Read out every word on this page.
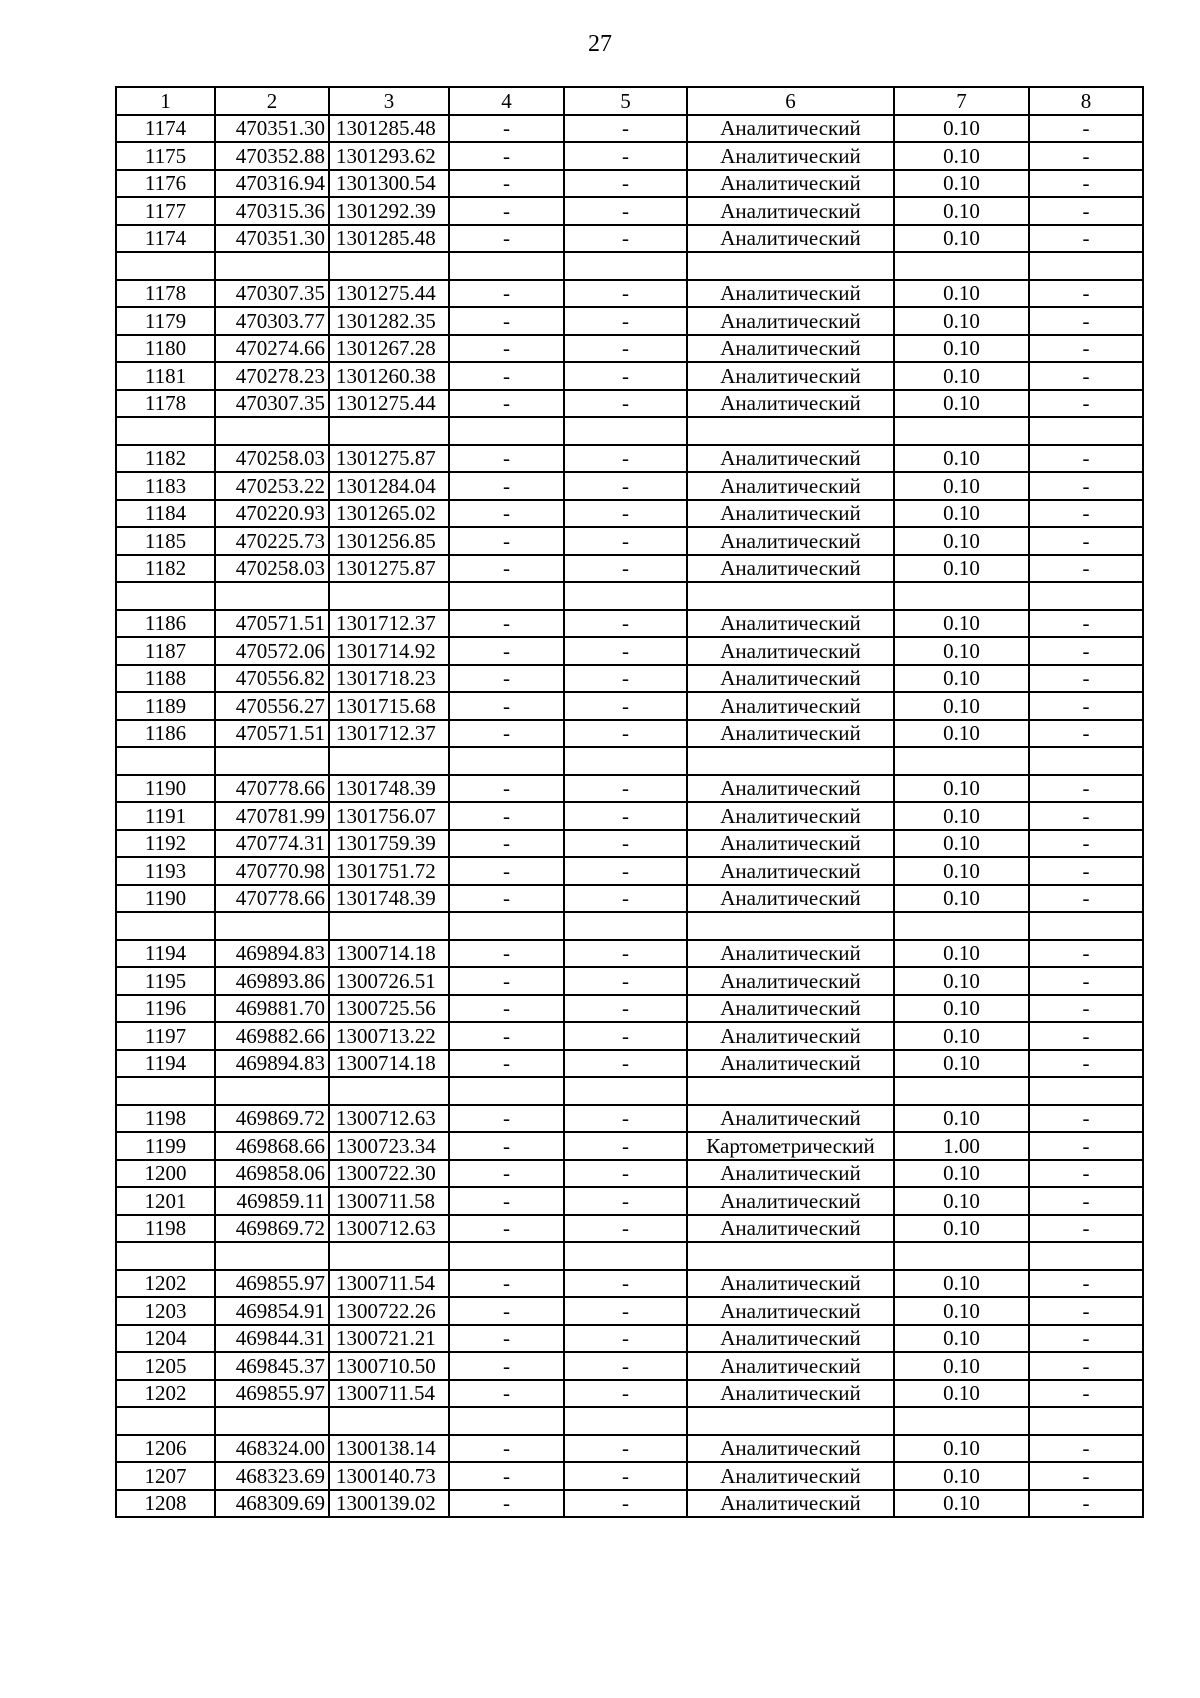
27
1	2	3	4	5	6	7	8
1174	470351.30	1301285.48	-	-	Аналитический	0.10	-
1175	470352.88	1301293.62	-	-	Аналитический	0.10	-
1176	470316.94	1301300.54	-	-	Аналитический	0.10	-
1177	470315.36	1301292.39	-	-	Аналитический	0.10	-
1174	470351.30	1301285.48	-	-	Аналитический	0.10	-

1178	470307.35	1301275.44	-	-	Аналитический	0.10	-
1179	470303.77	1301282.35	-	-	Аналитический	0.10	-
1180	470274.66	1301267.28	-	-	Аналитический	0.10	-
1181	470278.23	1301260.38	-	-	Аналитический	0.10	-
1178	470307.35	1301275.44	-	-	Аналитический	0.10	-

1182	470258.03	1301275.87	-	-	Аналитический	0.10	-
1183	470253.22	1301284.04	-	-	Аналитический	0.10	-
1184	470220.93	1301265.02	-	-	Аналитический	0.10	-
1185	470225.73	1301256.85	-	-	Аналитический	0.10	-
1182	470258.03	1301275.87	-	-	Аналитический	0.10	-

1186	470571.51	1301712.37	-	-	Аналитический	0.10	-
1187	470572.06	1301714.92	-	-	Аналитический	0.10	-
1188	470556.82	1301718.23	-	-	Аналитический	0.10	-
1189	470556.27	1301715.68	-	-	Аналитический	0.10	-
1186	470571.51	1301712.37	-	-	Аналитический	0.10	-

1190	470778.66	1301748.39	-	-	Аналитический	0.10	-
1191	470781.99	1301756.07	-	-	Аналитический	0.10	-
1192	470774.31	1301759.39	-	-	Аналитический	0.10	-
1193	470770.98	1301751.72	-	-	Аналитический	0.10	-
1190	470778.66	1301748.39	-	-	Аналитический	0.10	-

1194	469894.83	1300714.18	-	-	Аналитический	0.10	-
1195	469893.86	1300726.51	-	-	Аналитический	0.10	-
1196	469881.70	1300725.56	-	-	Аналитический	0.10	-
1197	469882.66	1300713.22	-	-	Аналитический	0.10	-
1194	469894.83	1300714.18	-	-	Аналитический	0.10	-

1198	469869.72	1300712.63	-	-	Аналитический	0.10	-
1199	469868.66	1300723.34	-	-	Картометрический	1.00	-
1200	469858.06	1300722.30	-	-	Аналитический	0.10	-
1201	469859.11	1300711.58	-	-	Аналитический	0.10	-
1198	469869.72	1300712.63	-	-	Аналитический	0.10	-

1202	469855.97	1300711.54	-	-	Аналитический	0.10	-
1203	469854.91	1300722.26	-	-	Аналитический	0.10	-
1204	469844.31	1300721.21	-	-	Аналитический	0.10	-
1205	469845.37	1300710.50	-	-	Аналитический	0.10	-
1202	469855.97	1300711.54	-	-	Аналитический	0.10	-

1206	468324.00	1300138.14	-	-	Аналитический	0.10	-
1207	468323.69	1300140.73	-	-	Аналитический	0.10	-
1208	468309.69	1300139.02	-	-	Аналитический	0.10	-
